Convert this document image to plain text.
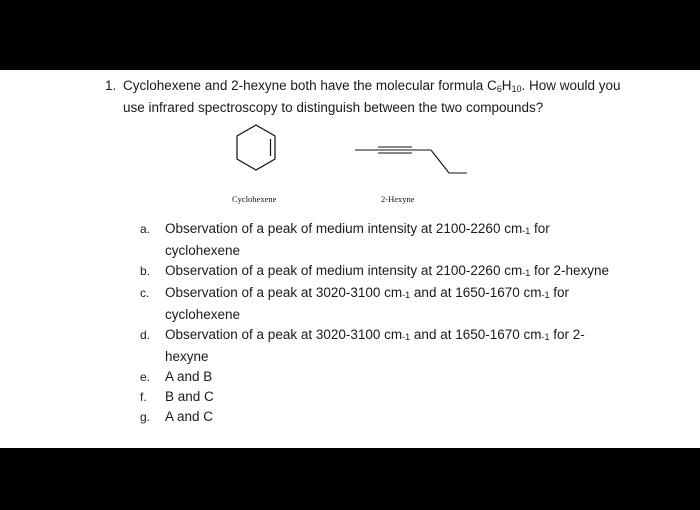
1. Cyclohexene and 2-hexyne both have the molecular formula $C_6H_{10}$. How would you use infrared spectroscopy to distinguish between the two compounds?
Cyclohexene	2-Hexyne
a.	Observation of a peak of medium intensity at 2100-2260 $cm_{-1}$ for cyclohexene
b.	Observation of a peak of medium intensity at 2100-2260 $cm_{-1}$ for 2-hexyne
c.	Observation of a peak at 3020-3100 $cm_{-1}$ and at 1650-1670 $cm_{-1}$ for cyclohexene
d.	Observation of a peak at 3020-3100 $cm_{-1}$ and at 1650-1670 $cm_{-1}$ for 2-hexyne
e.	A and B
f.	B and C
g.	A and C
